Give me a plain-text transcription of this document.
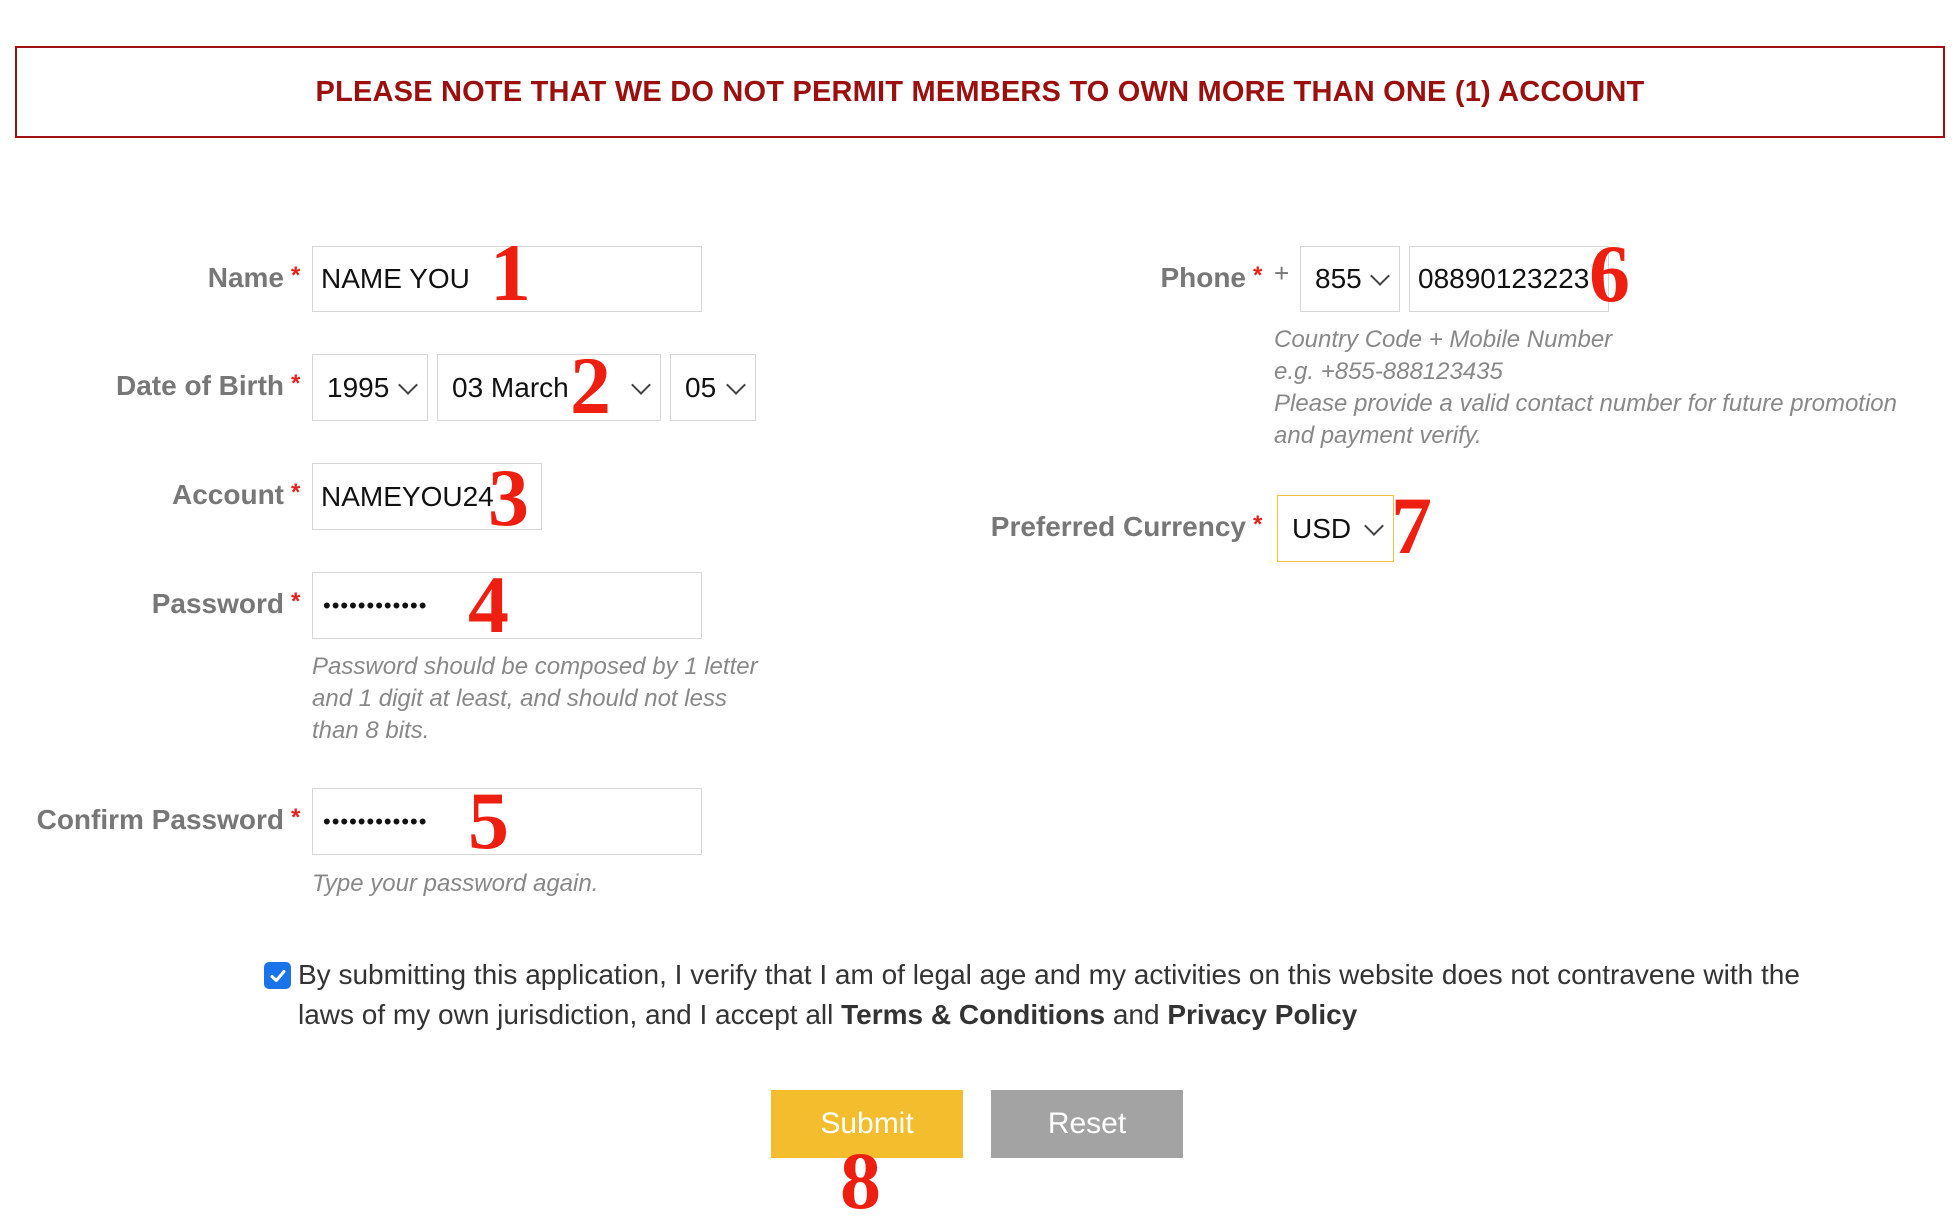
PLEASE NOTE THAT WE DO NOT PERMIT MEMBERS TO OWN MORE THAN ONE (1) ACCOUNT
Name * NAME YOU
Date of Birth * 1995 03 March	05
Account * NAMEYOU24
Password *	••••••••••••
Password should be composed by 1 letter
and 1 digit at least, and should not less
than 8 bits.
Confirm Password *	••••••••••••
Type your password again.
Phone * + 855	08890123223
Country Code + Mobile Number
e.g. +855-888123435
Please provide a valid contact number for future promotion
and payment verify.
Preferred Currency * USD
By submitting this application, I verify that I am of legal age and my activities on this website does not contravene with the laws of my own jurisdiction, and I accept all Terms & Conditions and Privacy Policy
Submit	Reset
1
2
3
4
5
6
7
8
